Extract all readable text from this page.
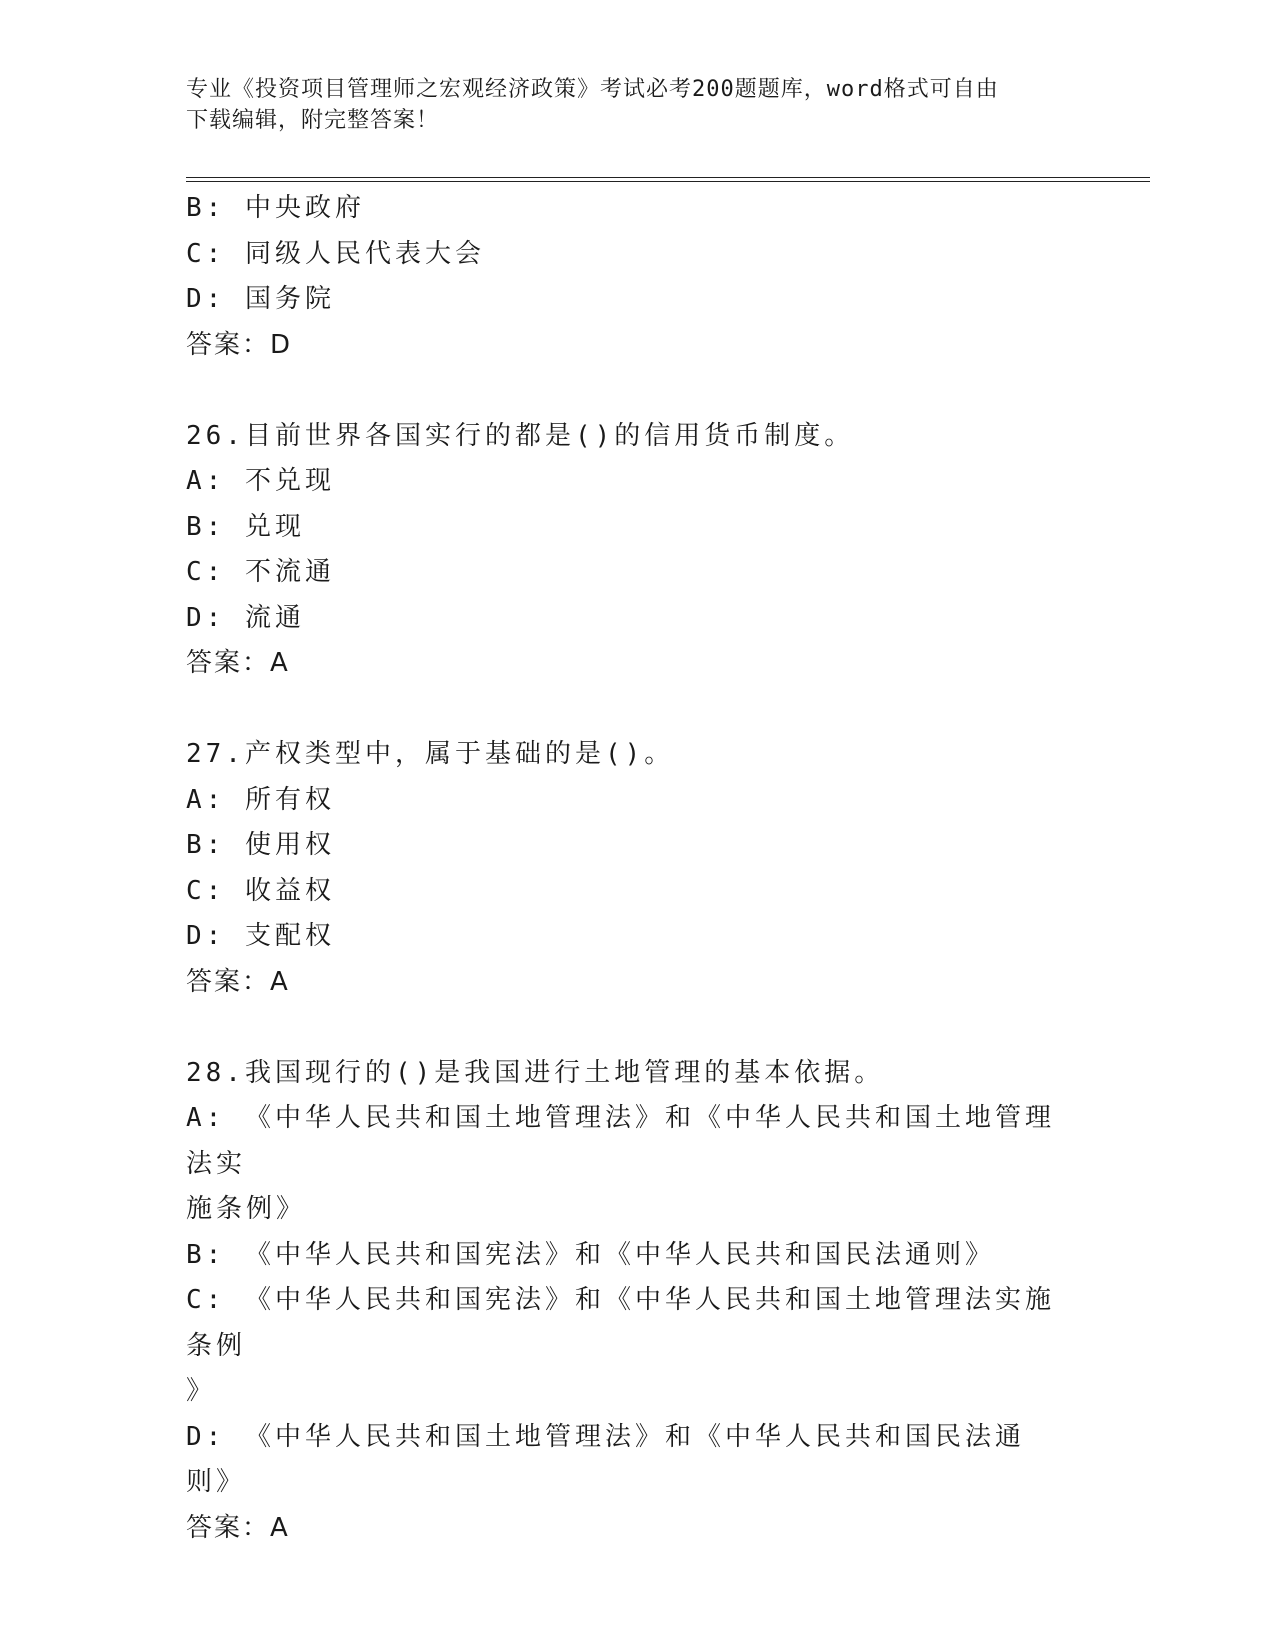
专业《投资项目管理师之宏观经济政策》考试必考200题题库，word格式可自由
下载编辑，附完整答案！
B: 中央政府
C: 同级人民代表大会
D: 国务院
答案：D
26.目前世界各国实行的都是()的信用货币制度。
A: 不兑现
B: 兑现
C: 不流通
D: 流通
答案：A
27.产权类型中，属于基础的是()。
A: 所有权
B: 使用权
C: 收益权
D: 支配权
答案：A
28.我国现行的()是我国进行土地管理的基本依据。
A: 《中华人民共和国土地管理法》和《中华人民共和国土地管理法实
施条例》
B: 《中华人民共和国宪法》和《中华人民共和国民法通则》
C: 《中华人民共和国宪法》和《中华人民共和国土地管理法实施条例
》
D: 《中华人民共和国土地管理法》和《中华人民共和国民法通则》
答案：A
